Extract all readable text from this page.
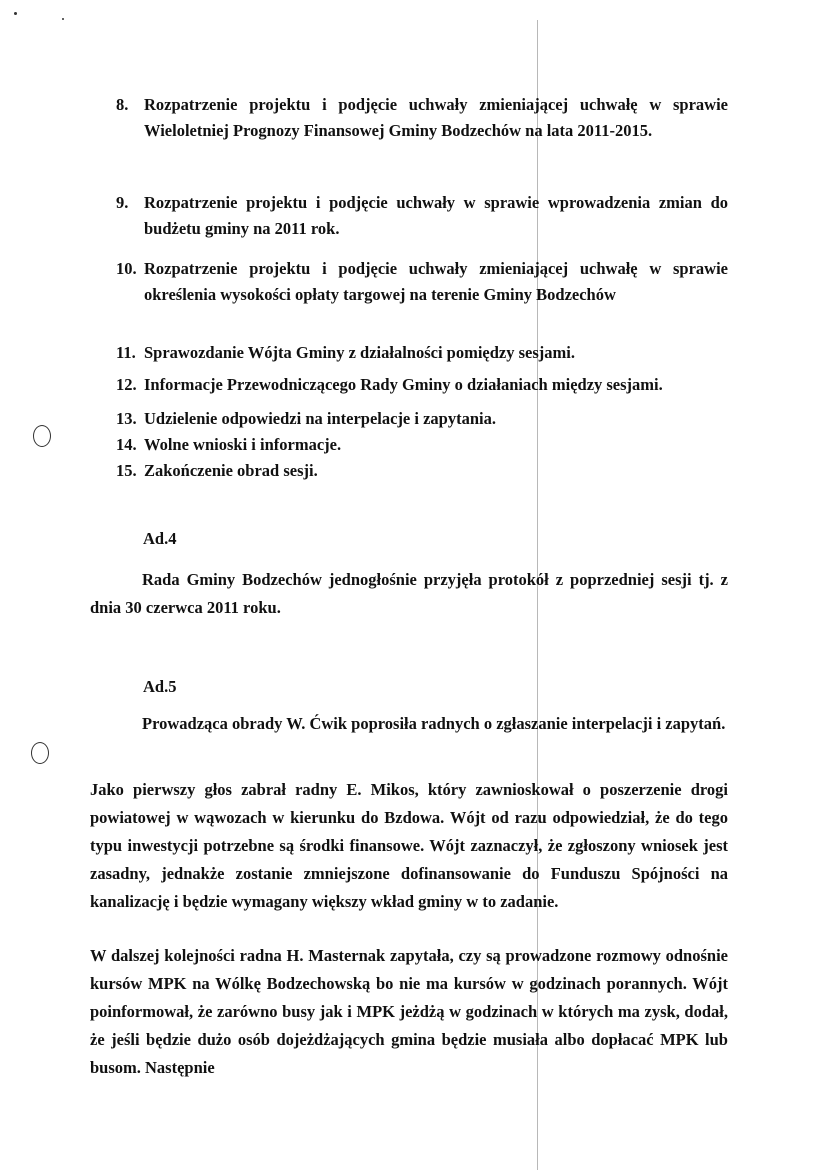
8. Rozpatrzenie projektu i podjęcie uchwały zmieniającej uchwałę w sprawie Wieloletniej Prognozy Finansowej Gminy Bodzechów na lata 2011-2015.
9. Rozpatrzenie projektu i podjęcie uchwały w sprawie wprowadzenia zmian do budżetu gminy na 2011 rok.
10. Rozpatrzenie projektu i podjęcie uchwały zmieniającej uchwałę w sprawie określenia wysokości opłaty targowej na terenie Gminy Bodzechów
11. Sprawozdanie Wójta Gminy z działalności pomiędzy sesjami.
12. Informacje Przewodniczącego Rady Gminy o działaniach między sesjami.
13. Udzielenie odpowiedzi na interpelacje i zapytania.
14. Wolne wnioski i informacje.
15. Zakończenie obrad sesji.
Ad.4
Rada Gminy Bodzechów jednogłośnie przyjęła protokół z poprzedniej sesji tj. z dnia 30 czerwca 2011 roku.
Ad.5
Prowadząca obrady W. Ćwik poprosiła radnych o zgłaszanie interpelacji i zapytań.
Jako pierwszy głos zabrał radny E. Mikos, który zawnioskował o poszerzenie drogi powiatowej w wąwozach w kierunku do Bzdowa. Wójt od razu odpowiedział, że do tego typu inwestycji potrzebne są środki finansowe. Wójt zaznaczył, że zgłoszony wniosek jest zasadny, jednakże zostanie zmniejszone dofinansowanie do Funduszu Spójności na kanalizację i będzie wymagany większy wkład gminy w to zadanie.
W dalszej kolejności radna H. Masternak zapytała, czy są prowadzone rozmowy odnośnie kursów MPK na Wólkę Bodzechowską bo nie ma kursów w godzinach porannych. Wójt poinformował, że zarówno busy jak i MPK jeżdżą w godzinach w których ma zysk, dodał, że jeśli będzie dużo osób dojeżdżających gmina będzie musiała albo dopłacać MPK lub busom. Następnie
